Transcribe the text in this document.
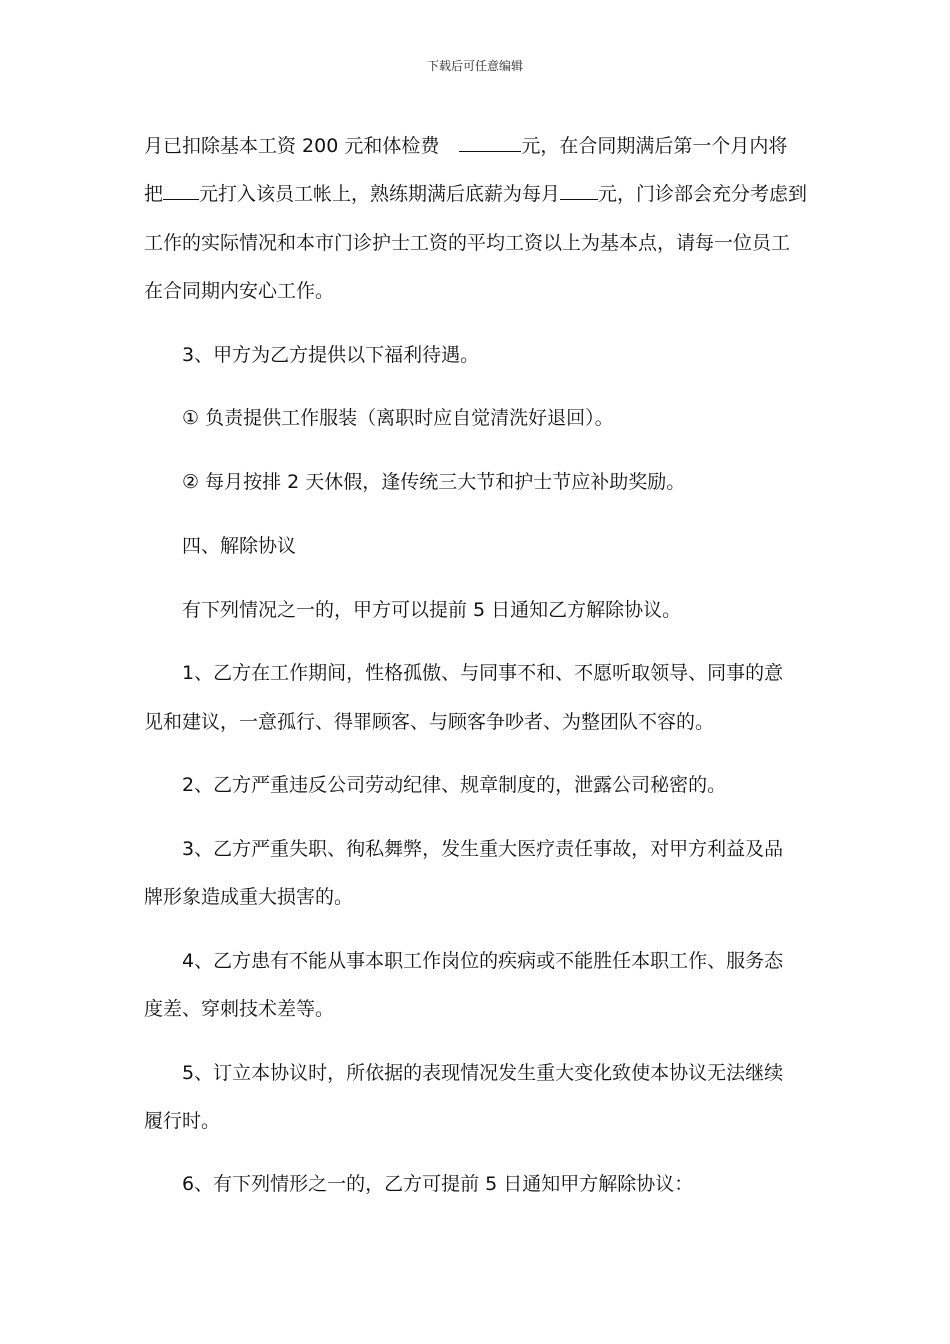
下载后可任意编辑
月已扣除基本工资 200 元和体检费	元，在合同期满后第一个月内将
把 元打入该员工帐上，熟练期满后底薪为每月 元，门诊部会充分考虑到
工作的实际情况和本市门诊护士工资的平均工资以上为基本点，请每一位员工
在合同期内安心工作。
3、甲方为乙方提供以下福利待遇。
① 负责提供工作服装（离职时应自觉清洗好退回）。
② 每月按排 2 天休假，逢传统三大节和护士节应补助奖励。
四、解除协议
有下列情况之一的，甲方可以提前 5 日通知乙方解除协议。
1、乙方在工作期间，性格孤傲、与同事不和、不愿听取领导、同事的意
见和建议，一意孤行、得罪顾客、与顾客争吵者、为整团队不容的。
2、乙方严重违反公司劳动纪律、规章制度的，泄露公司秘密的。
3、乙方严重失职、徇私舞弊，发生重大医疗责任事故，对甲方利益及品
牌形象造成重大损害的。
4、乙方患有不能从事本职工作岗位的疾病或不能胜任本职工作、服务态
度差、穿刺技术差等。
5、订立本协议时，所依据的表现情况发生重大变化致使本协议无法继续
履行时。
6、有下列情形之一的，乙方可提前 5 日通知甲方解除协议：
